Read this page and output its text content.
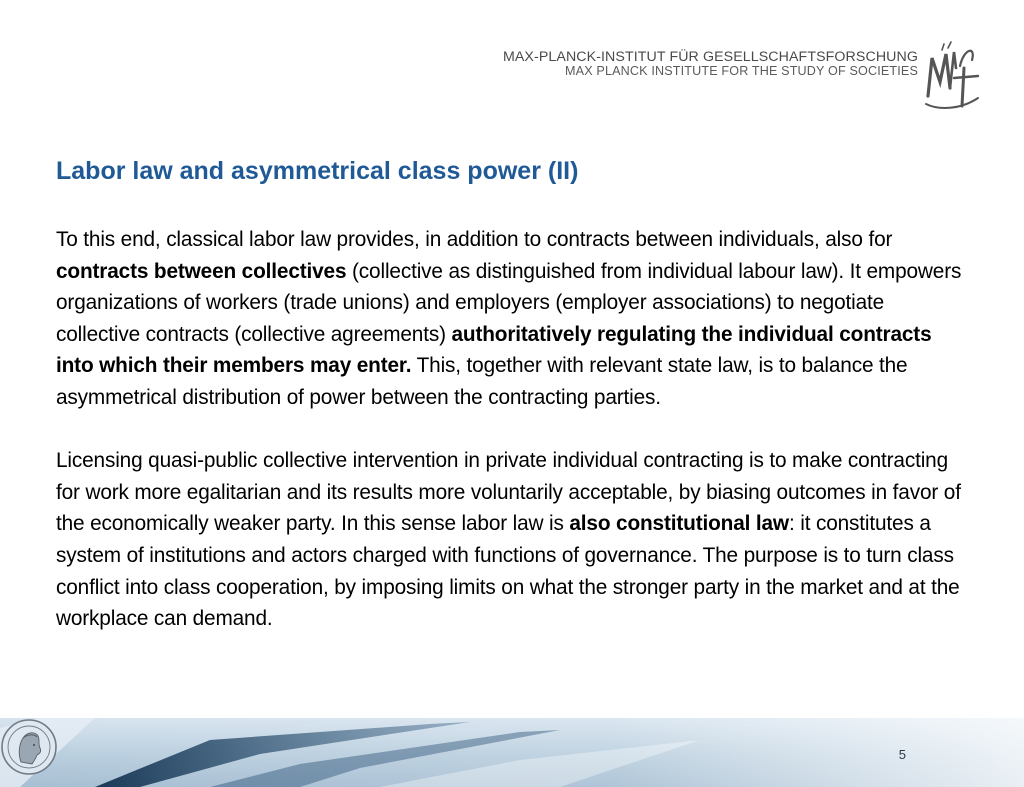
MAX-PLANCK-INSTITUT FÜR GESELLSCHAFTSFORSCHUNG
MAX PLANCK INSTITUTE FOR THE STUDY OF SOCIETIES
Labor law and asymmetrical class power (II)

To this end, classical labor law provides, in addition to contracts between individuals, also for contracts between collectives (collective as distinguished from individual labour law). It empowers organizations of workers (trade unions) and employers (employer associations) to negotiate collective contracts (collective agreements) authoritatively regulating the individual contracts into which their members may enter. This, together with relevant state law, is to balance the asymmetrical distribution of power between the contracting parties.

Licensing quasi-public collective intervention in private individual contracting is to make contracting for work more egalitarian and its results more voluntarily acceptable, by biasing outcomes in favor of the economically weaker party. In this sense labor law is also constitutional law: it constitutes a system of institutions and actors charged with functions of governance. The purpose is to turn class conflict into class cooperation, by imposing limits on what the stronger party in the market and at the workplace can demand.

5
